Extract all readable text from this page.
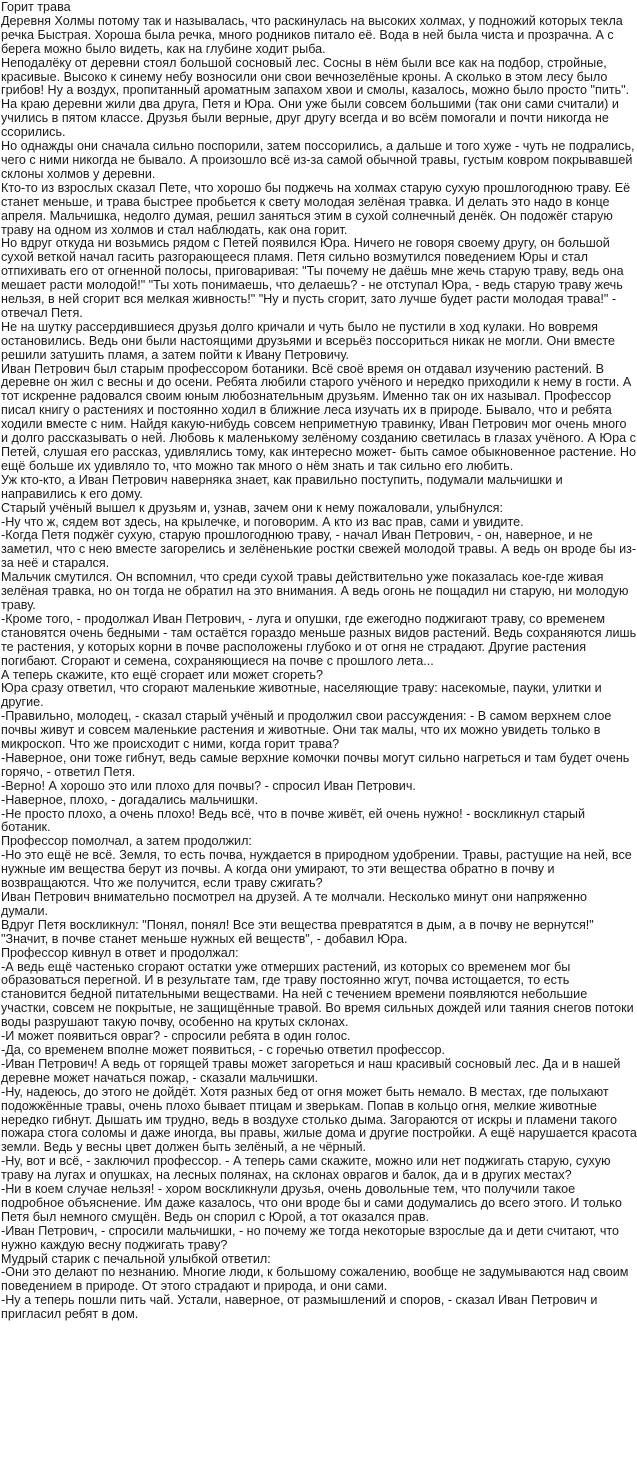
Горит трава

Деревня Холмы потому так и называлась, что раскинулась на высоких холмах, у подножий которых текла речка Быстрая. Хороша была речка, много родников питало её. Вода в ней была чиста и прозрачна. А с берега можно было видеть, как на глубине ходит рыба.

Неподалёку от деревни стоял большой сосновый лес. Сосны в нём были все как на подбор, стройные, красивые. Высоко к синему небу возносили они свои вечнозелёные кроны. А сколько в этом лесу было грибов! Ну а воздух, пропитанный ароматным запахом хвои и смолы, казалось, можно было просто "пить".

На краю деревни жили два друга, Петя и Юра. Они уже были совсем большими (так они сами считали) и учились в пятом классе. Друзья были верные, друг другу всегда и во всём помогали и почти никогда не ссорились.

Но однажды они сначала сильно поспорили, затем поссорились, а дальше и того хуже - чуть не подрались, чего с ними никогда не бывало. А произошло всё из-за самой обычной травы, густым ковром покрывавшей склоны холмов у деревни.

Кто-то из взрослых сказал Пете, что хорошо бы поджечь на холмах старую сухую прошлогоднюю траву. Её станет меньше, и трава быстрее пробьется к свету молодая зелёная травка. И делать это надо в конце апреля. Мальчишка, недолго думая, решил заняться этим в сухой солнечный денёк. Он подожёг старую траву на одном из холмов и стал наблюдать, как она горит.

Но вдруг откуда ни возьмись рядом с Петей появился Юра. Ничего не говоря своему другу, он большой сухой веткой начал гасить разгорающееся пламя. Петя сильно возмутился поведением Юры и стал отпихивать его от огненной полосы, приговаривая: "Ты почему не даёшь мне жечь старую траву, ведь она мешает расти молодой!" "Ты хоть понимаешь, что делаешь? - не отступал Юра, - ведь старую траву жечь нельзя, в ней сгорит вся мелкая живность!" "Ну и пусть сгорит, зато лучше будет расти молодая трава!" - отвечал Петя.

Не на шутку рассердившиеся друзья долго кричали и чуть было не пустили в ход кулаки. Но вовремя остановились. Ведь они были настоящими друзьями и всерьёз поссориться никак не могли. Они вместе решили затушить пламя, а затем пойти к Ивану Петровичу.

Иван Петрович был старым профессором ботаники. Всё своё время он отдавал изучению растений. В деревне он жил с весны и до осени. Ребята любили старого учёного и нередко приходили к нему в гости. А тот искренне радовался своим юным любознательным друзьям. Именно так он их называл. Профессор писал книгу о растениях и постоянно ходил в ближние леса изучать их в природе. Бывало, что и ребята ходили вместе с ним. Найдя какую-нибудь совсем неприметную травинку, Иван Петрович мог очень много и долго рассказывать о ней. Любовь к маленькому зелёному созданию светилась в глазах учёного. А Юра с Петей, слушая его рассказ, удивлялись тому, как интересно может- быть самое обыкновенное растение. Но ещё больше их удивляло то, что можно так много о нём знать и так сильно его любить.

Уж кто-кто, а Иван Петрович наверняка знает, как правильно поступить, подумали мальчишки и направились к его дому.

Старый учёный вышел к друзьям и, узнав, зачем они к нему пожаловали, улыбнулся:

-Ну что ж, сядем вот здесь, на крылечке, и поговорим. А кто из вас прав, сами и увидите.

-Когда Петя поджёг сухую, старую прошлогоднюю траву, - начал Иван Петрович, - он, наверное, и не заметил, что с нею вместе загорелись и зелёненькие ростки свежей молодой травы. А ведь он вроде бы из-за неё и старался.

Мальчик смутился. Он вспомнил, что среди сухой травы действительно уже показалась кое-где живая зелёная травка, но он тогда не обратил на это внимания. А ведь огонь не пощадил ни старую, ни молодую траву.

-Кроме того, - продолжал Иван Петрович, - луга и опушки, где ежегодно поджигают траву, со временем становятся очень бедными - там остаётся гораздо меньше разных видов растений. Ведь сохраняются лишь те растения, у которых корни в почве расположены глубоко и от огня не страдают. Другие растения погибают. Сгорают и семена, сохраняющиеся на почве с прошлого лета...

А теперь скажите, кто ещё сгорает или может сгореть?

Юра сразу ответил, что сгорают маленькие животные, населяющие траву: насекомые, пауки, улитки и другие.

-Правильно, молодец, - сказал старый учёный и продолжил свои рассуждения: - В самом верхнем слое почвы живут и совсем маленькие растения и животные. Они так малы, что их можно увидеть только в микроскоп. Что же происходит с ними, когда горит трава?

-Наверное, они тоже гибнут, ведь самые верхние комочки почвы могут сильно нагреться и там будет очень горячо, - ответил Петя.

-Верно! А хорошо это или плохо для почвы? - спросил Иван Петрович.

-Наверное, плохо, - догадались мальчишки.

-Не просто плохо, а очень плохо! Ведь всё, что в почве живёт, ей очень нужно! - воскликнул старый ботаник.

Профессор помолчал, а затем продолжил:

-Но это ещё не всё. Земля, то есть почва, нуждается в природном удобрении. Травы, растущие на ней, все нужные им вещества берут из почвы. А когда они умирают, то эти вещества обратно в почву и возвращаются. Что же получится, если траву сжигать?

Иван Петрович внимательно посмотрел на друзей. А те молчали. Несколько минут они напряженно думали.

Вдруг Петя воскликнул: "Понял, понял! Все эти вещества превратятся в дым, а в почву не вернутся!" "Значит, в почве станет меньше нужных ей веществ", - добавил Юра.

Профессор кивнул в ответ и продолжал:

-А ведь ещё частенько сгорают остатки уже отмерших растений, из которых со временем мог бы образоваться перегной. И в результате там, где траву постоянно жгут, почва истощается, то есть становится бедной питательными веществами. На ней с течением времени появляются небольшие участки, совсем не покрытые, не защищённые травой. Во время сильных дождей или таяния снегов потоки воды разрушают такую почву, особенно на крутых склонах.

-И может появиться овраг? - спросили ребята в один голос.

-Да, со временем вполне может появиться, - с горечью ответил профессор.

-Иван Петрович! А ведь от горящей травы может загореться и наш красивый сосновый лес. Да и в нашей деревне может начаться пожар, - сказали мальчишки.

-Ну, надеюсь, до этого не дойдёт. Хотя разных бед от огня может быть немало. В местах, где полыхают подожжённые травы, очень плохо бывает птицам и зверькам. Попав в кольцо огня, мелкие животные нередко гибнут. Дышать им трудно, ведь в воздухе столько дыма. Загораются от искры и пламени такого пожара стога соломы и даже иногда, вы правы, жилые дома и другие постройки. А ещё нарушается красота земли. Ведь у весны цвет должен быть зелёный, а не чёрный.

-Ну, вот и всё, - заключил профессор. - А теперь сами скажите, можно или нет поджигать старую, сухую траву на лугах и опушках, на лесных полянах, на склонах оврагов и балок, да и в других местах?

-Ни в коем случае нельзя! - хором воскликнули друзья, очень довольные тем, что получили такое подробное объяснение. Им даже казалось, что они вроде бы и сами додумались до всего этого. И только Петя был немного смущён. Ведь он спорил с Юрой, а тот оказался прав.

-Иван Петрович, - спросили мальчишки, - но почему же тогда некоторые взрослые да и дети считают, что нужно каждую весну поджигать траву?

Мудрый старик с печальной улыбкой ответил:

-Они это делают по незнанию. Многие люди, к большому сожалению, вообще не задумываются над своим поведением в природе. От этого страдают и природа, и они сами.

-Ну а теперь пошли пить чай. Устали, наверное, от размышлений и споров, - сказал Иван Петрович и пригласил ребят в дом.
